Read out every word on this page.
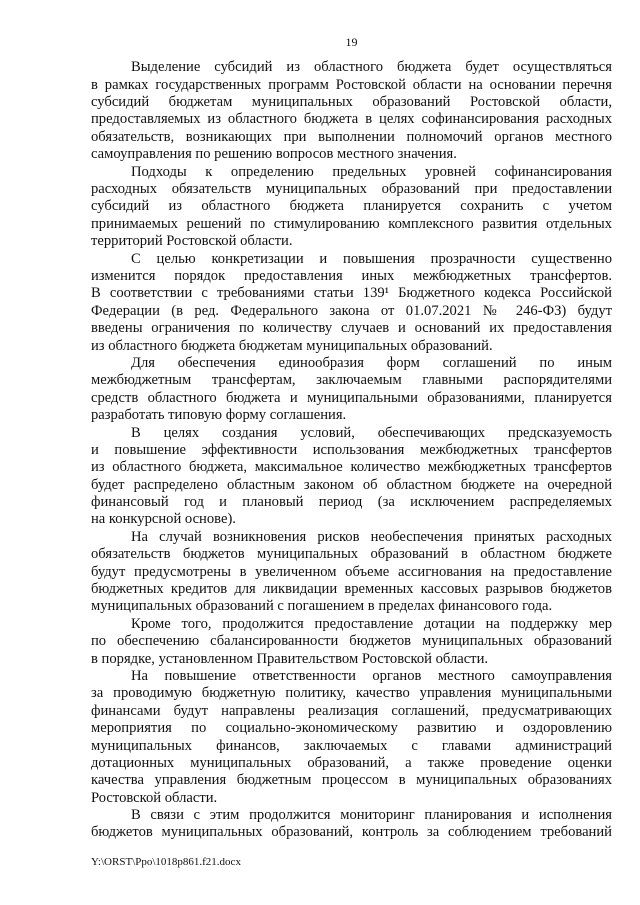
19
Выделение субсидий из областного бюджета будет осуществляться
в рамках государственных программ Ростовской области на основании перечня
субсидий бюджетам муниципальных образований Ростовской области,
предоставляемых из областного бюджета в целях софинансирования расходных
обязательств, возникающих при выполнении полномочий органов местного
самоуправления по решению вопросов местного значения.
Подходы к определению предельных уровней софинансирования
расходных обязательств муниципальных образований при предоставлении
субсидий из областного бюджета планируется сохранить с учетом
принимаемых решений по стимулированию комплексного развития отдельных
территорий Ростовской области.
С целью конкретизации и повышения прозрачности существенно
изменится порядок предоставления иных межбюджетных трансфертов.
В соответствии с требованиями статьи 139¹ Бюджетного кодекса Российской
Федерации (в ред. Федерального закона от 01.07.2021 № 246-ФЗ) будут
введены ограничения по количеству случаев и оснований их предоставления
из областного бюджета бюджетам муниципальных образований.
Для обеспечения единообразия форм соглашений по иным
межбюджетным трансфертам, заключаемым главными распорядителями
средств областного бюджета и муниципальными образованиями, планируется
разработать типовую форму соглашения.
В целях создания условий, обеспечивающих предсказуемость
и повышение эффективности использования межбюджетных трансфертов
из областного бюджета, максимальное количество межбюджетных трансфертов
будет распределено областным законом об областном бюджете на очередной
финансовый год и плановый период (за исключением распределяемых
на конкурсной основе).
На случай возникновения рисков необеспечения принятых расходных
обязательств бюджетов муниципальных образований в областном бюджете
будут предусмотрены в увеличенном объеме ассигнования на предоставление
бюджетных кредитов для ликвидации временных кассовых разрывов бюджетов
муниципальных образований с погашением в пределах финансового года.
Кроме того, продолжится предоставление дотации на поддержку мер
по обеспечению сбалансированности бюджетов муниципальных образований
в порядке, установленном Правительством Ростовской области.
На повышение ответственности органов местного самоуправления
за проводимую бюджетную политику, качество управления муниципальными
финансами будут направлены реализация соглашений, предусматривающих
мероприятия по социально-экономическому развитию и оздоровлению
муниципальных финансов, заключаемых с главами администраций
дотационных муниципальных образований, а также проведение оценки
качества управления бюджетным процессом в муниципальных образованиях
Ростовской области.
В связи с этим продолжится мониторинг планирования и исполнения
бюджетов муниципальных образований, контроль за соблюдением требований
Y:\ORST\Ppo\1018p861.f21.docx
